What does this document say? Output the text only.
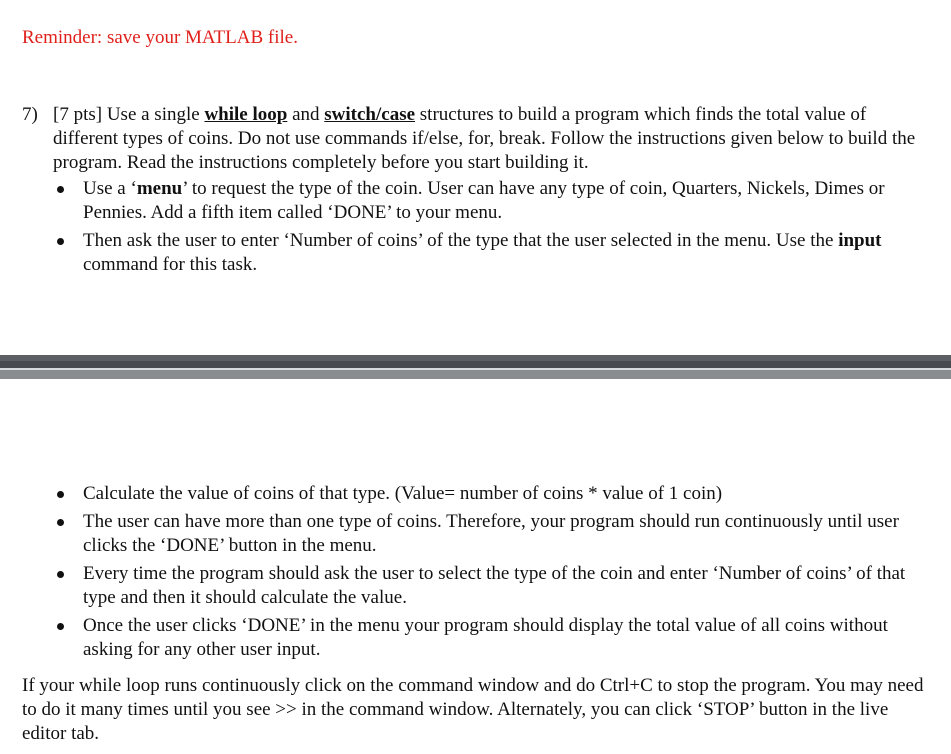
Reminder: save your MATLAB file.
7) [7 pts] Use a single while loop and switch/case structures to build a program which finds the total value of different types of coins. Do not use commands if/else, for, break. Follow the instructions given below to build the program. Read the instructions completely before you start building it.
Use a ‘menu’ to request the type of the coin. User can have any type of coin, Quarters, Nickels, Dimes or Pennies. Add a fifth item called ‘DONE’ to your menu.
Then ask the user to enter ‘Number of coins’ of the type that the user selected in the menu. Use the input command for this task.
Calculate the value of coins of that type. (Value= number of coins * value of 1 coin)
The user can have more than one type of coins. Therefore, your program should run continuously until user clicks the ‘DONE’ button in the menu.
Every time the program should ask the user to select the type of the coin and enter ‘Number of coins’ of that type and then it should calculate the value.
Once the user clicks ‘DONE’ in the menu your program should display the total value of all coins without asking for any other user input.
If your while loop runs continuously click on the command window and do Ctrl+C to stop the program. You may need to do it many times until you see >> in the command window. Alternately, you can click ‘STOP’ button in the live editor tab.
